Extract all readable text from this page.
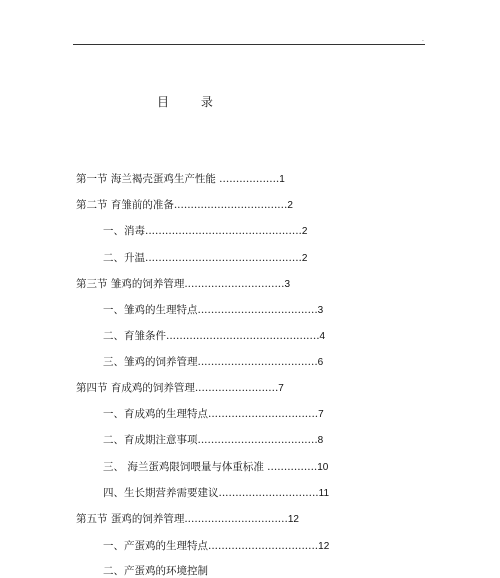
.
目 录
第一节 海兰褐壳蛋鸡生产性能 ..................1
第二节 育雏前的准备..................................2
一、消毒...............................................2
二、升温...............................................2
第三节 雏鸡的饲养管理..............................3
一、雏鸡的生理特点....................................3
二、育雏条件..............................................4
三、雏鸡的饲养管理....................................6
第四节 育成鸡的饲养管理.........................7
一、育成鸡的生理特点.................................7
二、育成期注意事项....................................8
三、 海兰蛋鸡限饲喂量与体重标准 ...............10
四、生长期营养需要建议..............................11
第五节 蛋鸡的饲养管理...............................12
一、产蛋鸡的生理特点.................................12
二、产蛋鸡的环境控制
